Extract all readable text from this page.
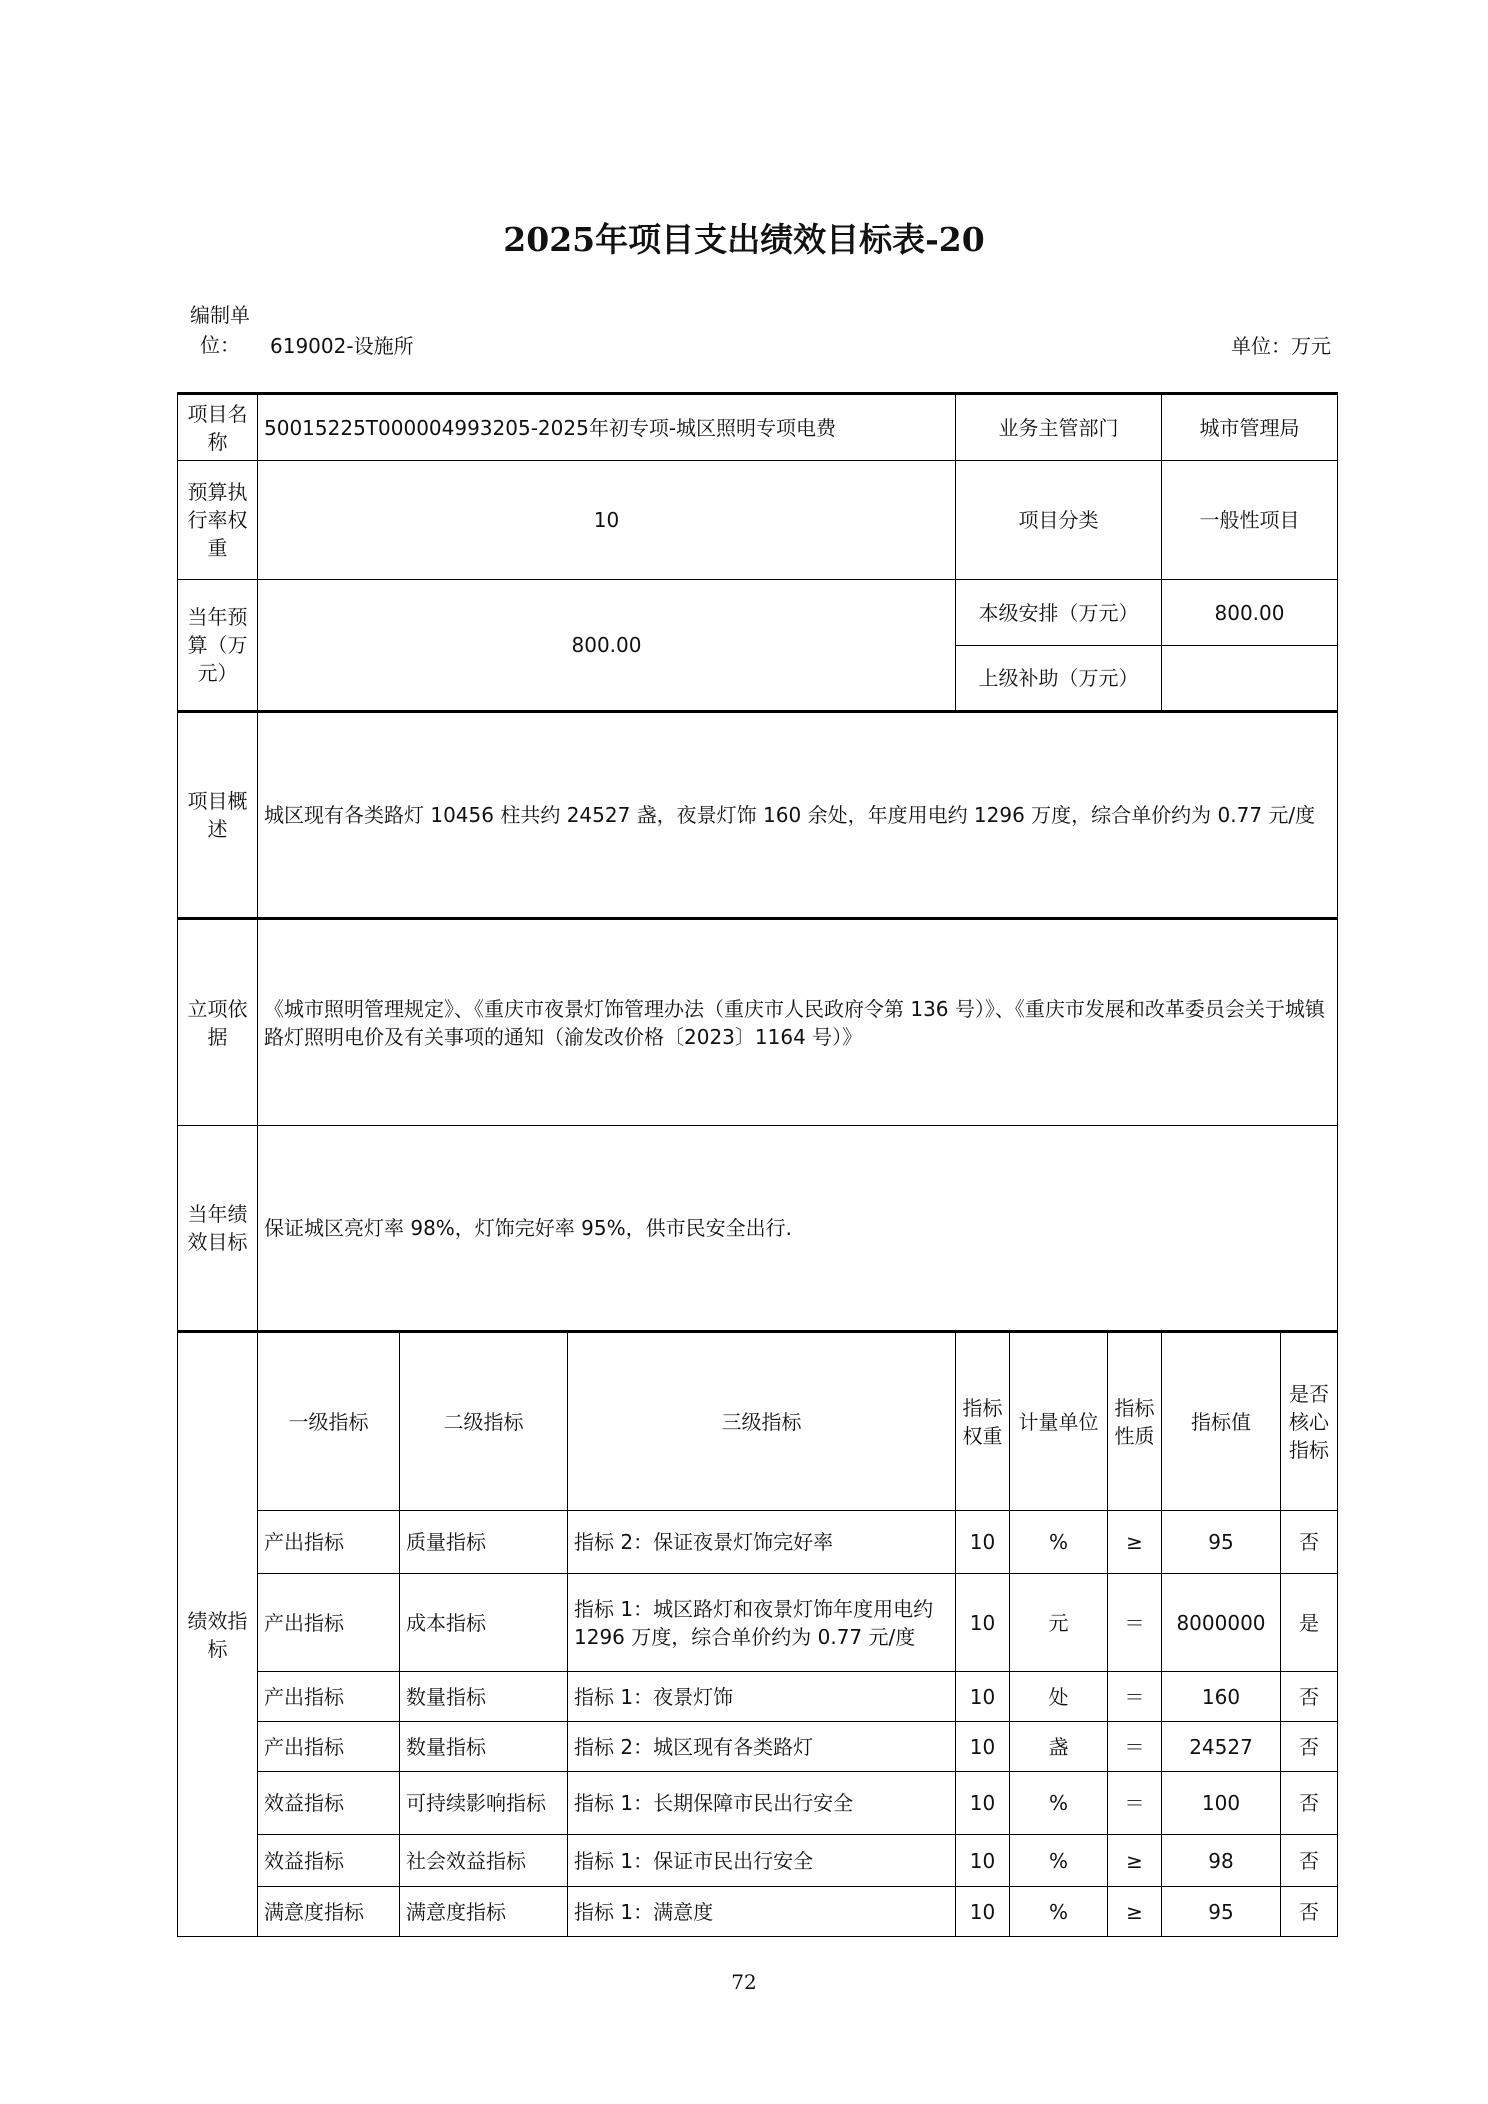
2025年项目支出绩效目标表-20
编制单位：	619002-设施所	单位：万元
项目名称	50015225T000004993205-2025年初专项-城区照明专项电费			业务主管部门			城市管理局	
预算执行率权重	10			项目分类			一般性项目	
当年预算（万元）	800.00			本级安排（万元）			800.00	
				上级补助（万元）				
项目概述	城区现有各类路灯 10456 柱共约 24527 盏，夜景灯饰 160 余处，年度用电约 1296 万度，综合单价约为 0.77 元/度							
立项依据	《城市照明管理规定》、《重庆市夜景灯饰管理办法（重庆市人民政府令第 136 号）》、《重庆市发展和改革委员会关于城镇路灯照明电价及有关事项的通知（渝发改价格〔2023〕1164 号）》							
当年绩效目标	保证城区亮灯率 98%，灯饰完好率 95%，供市民安全出行.							
绩效指标	一级指标	二级指标	三级指标	指标权重	计量单位	指标性质	指标值	是否核心指标
	产出指标	质量指标	指标 2：保证夜景灯饰完好率	10	%	≥	95	否
	产出指标	成本指标	指标 1：城区路灯和夜景灯饰年度用电约 1296 万度，综合单价约为 0.77 元/度	10	元	＝	8000000	是
	产出指标	数量指标	指标 1：夜景灯饰	10	处	＝	160	否
	产出指标	数量指标	指标 2：城区现有各类路灯	10	盏	＝	24527	否
	效益指标	可持续影响指标	指标 1：长期保障市民出行安全	10	%	＝	100	否
	效益指标	社会效益指标	指标 1：保证市民出行安全	10	%	≥	98	否
	满意度指标	满意度指标	指标 1：满意度	10	%	≥	95	否
72
